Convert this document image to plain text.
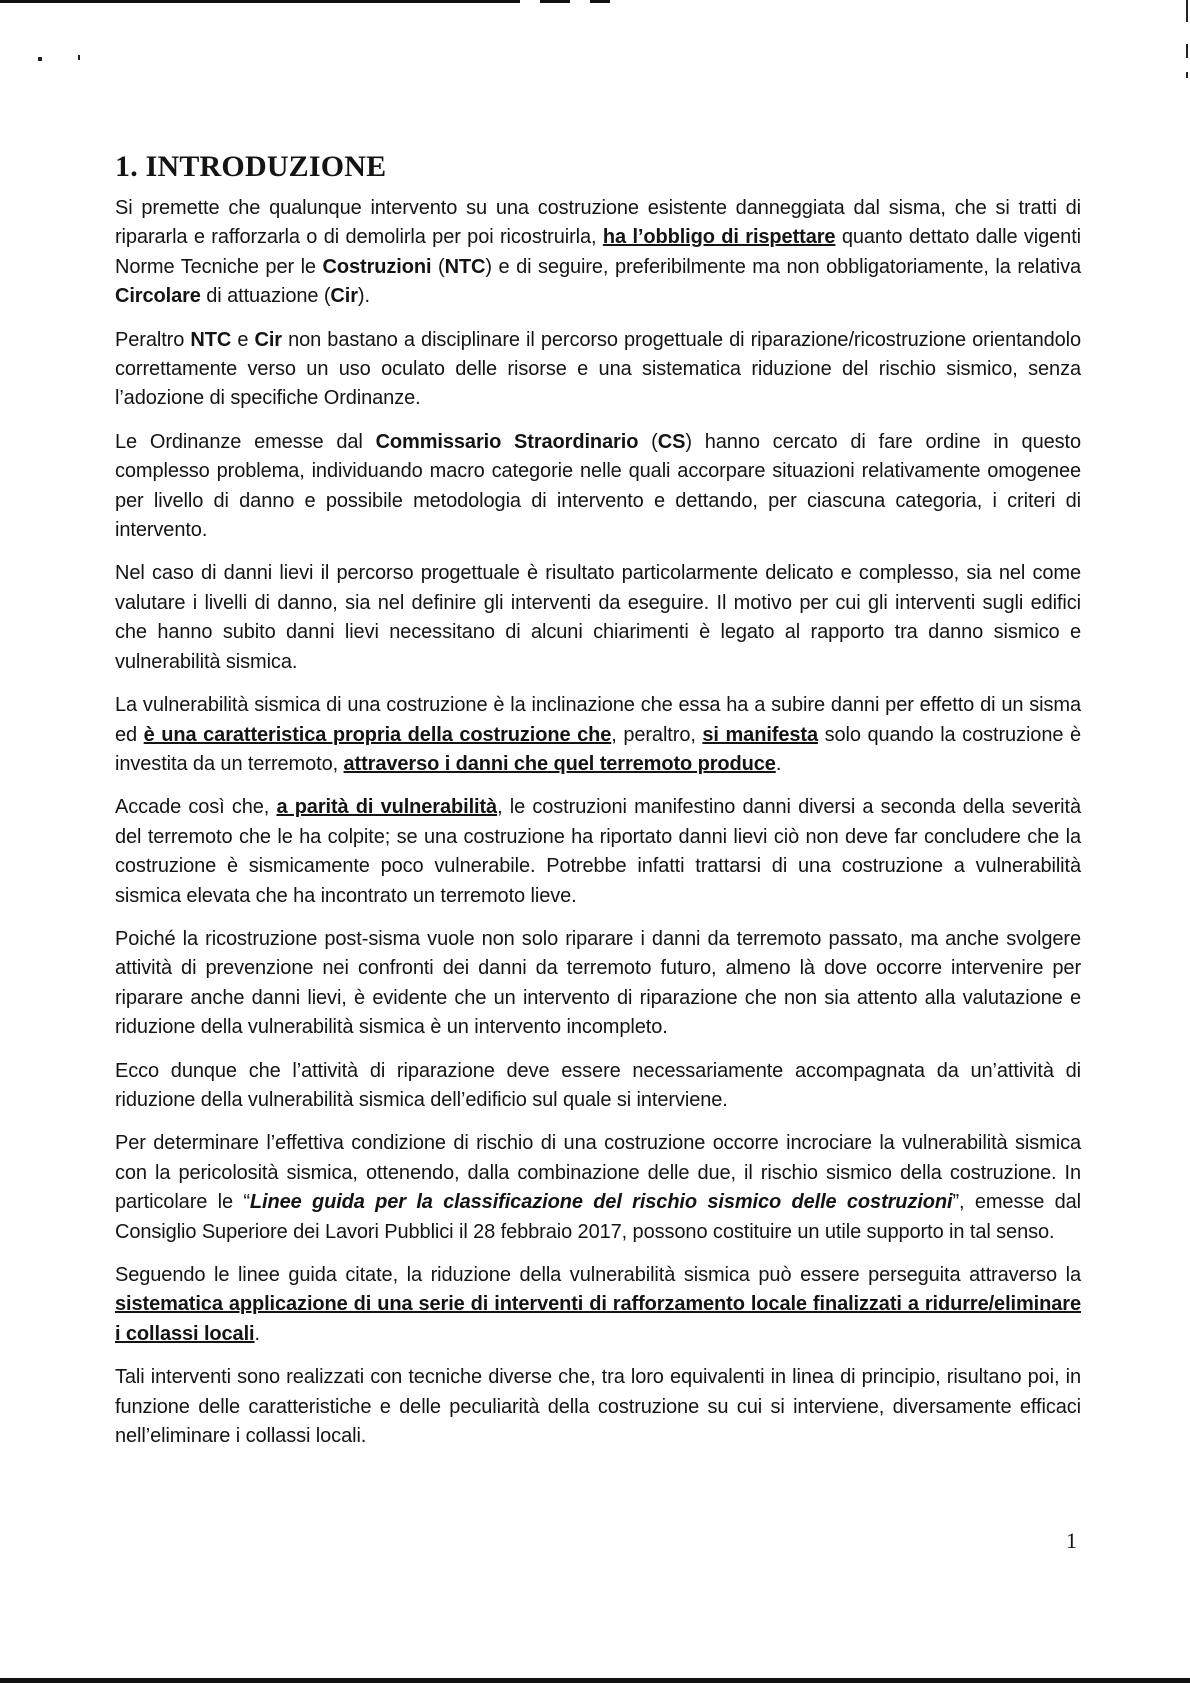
1. INTRODUZIONE

Si premette che qualunque intervento su una costruzione esistente danneggiata dal sisma, che si tratti di ripararla e rafforzarla o di demolirla per poi ricostruirla, ha l’obbligo di rispettare quanto dettato dalle vigenti Norme Tecniche per le Costruzioni (NTC) e di seguire, preferibilmente ma non obbligatoriamente, la relativa Circolare di attuazione (Cir).

Peraltro NTC e Cir non bastano a disciplinare il percorso progettuale di riparazione/ricostruzione orientandolo correttamente verso un uso oculato delle risorse e una sistematica riduzione del rischio sismico, senza l’adozione di specifiche Ordinanze.

Le Ordinanze emesse dal Commissario Straordinario (CS) hanno cercato di fare ordine in questo complesso problema, individuando macro categorie nelle quali accorpare situazioni relativamente omogenee per livello di danno e possibile metodologia di intervento e dettando, per ciascuna categoria, i criteri di intervento.

Nel caso di danni lievi il percorso progettuale è risultato particolarmente delicato e complesso, sia nel come valutare i livelli di danno, sia nel definire gli interventi da eseguire. Il motivo per cui gli interventi sugli edifici che hanno subito danni lievi necessitano di alcuni chiarimenti è legato al rapporto tra danno sismico e vulnerabilità sismica.

La vulnerabilità sismica di una costruzione è la inclinazione che essa ha a subire danni per effetto di un sisma ed è una caratteristica propria della costruzione che, peraltro, si manifesta solo quando la costruzione è investita da un terremoto, attraverso i danni che quel terremoto produce.

Accade così che, a parità di vulnerabilità, le costruzioni manifestino danni diversi a seconda della severità del terremoto che le ha colpite; se una costruzione ha riportato danni lievi ciò non deve far concludere che la costruzione è sismicamente poco vulnerabile. Potrebbe infatti trattarsi di una costruzione a vulnerabilità sismica elevata che ha incontrato un terremoto lieve.

Poiché la ricostruzione post-sisma vuole non solo riparare i danni da terremoto passato, ma anche svolgere attività di prevenzione nei confronti dei danni da terremoto futuro, almeno là dove occorre intervenire per riparare anche danni lievi, è evidente che un intervento di riparazione che non sia attento alla valutazione e riduzione della vulnerabilità sismica è un intervento incompleto.

Ecco dunque che l’attività di riparazione deve essere necessariamente accompagnata da un’attività di riduzione della vulnerabilità sismica dell’edificio sul quale si interviene.

Per determinare l’effettiva condizione di rischio di una costruzione occorre incrociare la vulnerabilità sismica con la pericolosità sismica, ottenendo, dalla combinazione delle due, il rischio sismico della costruzione. In particolare le “Linee guida per la classificazione del rischio sismico delle costruzioni”, emesse dal Consiglio Superiore dei Lavori Pubblici il 28 febbraio 2017, possono costituire un utile supporto in tal senso.

Seguendo le linee guida citate, la riduzione della vulnerabilità sismica può essere perseguita attraverso la sistematica applicazione di una serie di interventi di rafforzamento locale finalizzati a ridurre/eliminare i collassi locali.

Tali interventi sono realizzati con tecniche diverse che, tra loro equivalenti in linea di principio, risultano poi, in funzione delle caratteristiche e delle peculiarità della costruzione su cui si interviene, diversamente efficaci nell’eliminare i collassi locali.

1
